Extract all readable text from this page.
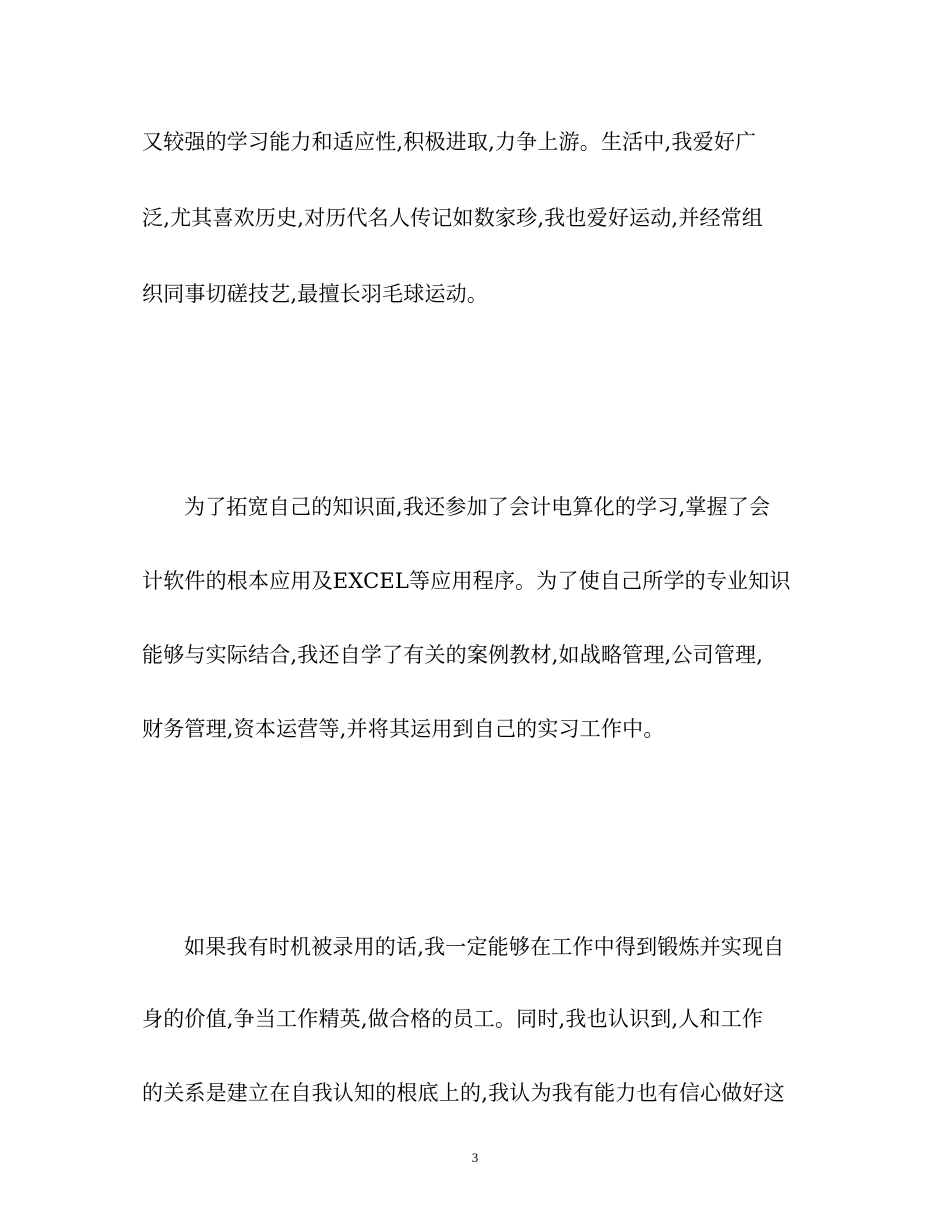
又较强的学习能力和适应性,积极进取,力争上游。生活中,我爱好广
泛,尤其喜欢历史,对历代名人传记如数家珍,我也爱好运动,并经常组
织同事切磋技艺,最擅长羽毛球运动。
为了拓宽自己的知识面,我还参加了会计电算化的学习,掌握了会
计软件的根本应用及EXCEL等应用程序。为了使自己所学的专业知识
能够与实际结合,我还自学了有关的案例教材,如战略管理,公司管理,
财务管理,资本运营等,并将其运用到自己的实习工作中。
如果我有时机被录用的话,我一定能够在工作中得到锻炼并实现自
身的价值,争当工作精英,做合格的员工。同时,我也认识到,人和工作
的关系是建立在自我认知的根底上的,我认为我有能力也有信心做好这
3
